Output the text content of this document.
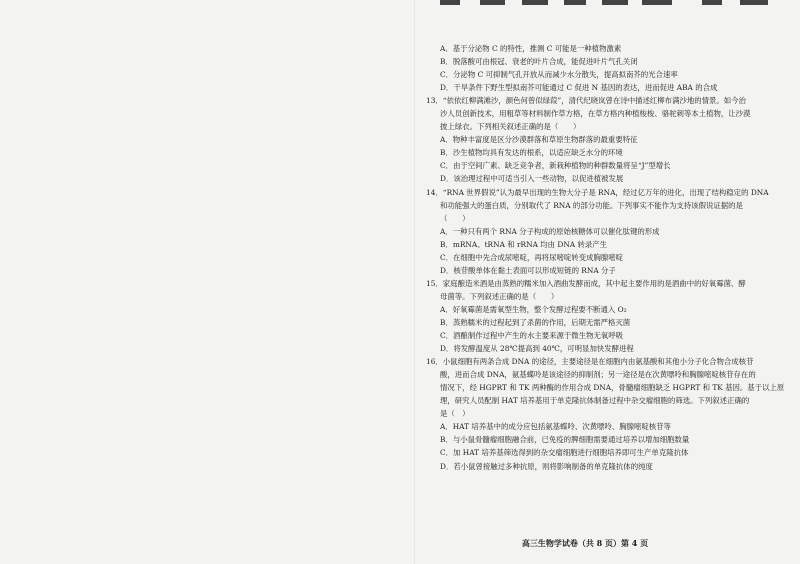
A．基于分泌物 C 的特性，推测 C 可能是一种植物激素
B．脱落酸可由根冠、衰老的叶片合成，能促进叶片气孔关闭
C．分泌物 C 可抑制气孔开放从而减少水分散失，提高拟南芥的光合速率
D．干旱条件下野生型拟南芥可能通过 C 促进 N 基因的表达，进而促进 ABA 的合成
13．“依依红柳满滩沙，颜色何曾似绿葭”，清代纪晓岚曾在诗中描述红柳布满沙地的情景。如今治
沙人员创新技术，用粗草等材料制作草方格，在草方格内种植梭梭、骆驼刺等本土植物，让沙漠
披上绿衣。下列相关叙述正确的是（　　）
A．物种丰富度是区分沙漠群落和草原生物群落的最重要特征
B．沙生植物均具有发达的根系，以适应缺乏水分的环境
C．由于空间广素、缺乏竞争者，新栽种植物的种群数量将呈“J”型增长
D．该治理过程中可适当引入一些动物，以促进植被发展
14．“RNA 世界假说”认为最早出现的生物大分子是 RNA，经过亿万年的进化，出现了结构稳定的 DNA
和功能强大的蛋白质，分别取代了 RNA 的部分功能。下列事实不能作为支持该假说证据的是
（　　）
A．一种只有两个 RNA 分子构成的原始核糖体可以催化肽键的形成
B．mRNA、tRNA 和 rRNA 均由 DNA 转录产生
C．在细胞中先合成尿嘧啶，再将尿嘧啶转变成胸腺嘧啶
D．核苷酸单体在黏土表面可以形成短链的 RNA 分子
15．家庭酿造米酒是由蒸熟的糯米加入酒曲发酵而成，其中起主要作用的是酒曲中的好氧霉菌、酵
母菌等。下列叙述正确的是（　　）
A．好氧霉菌是需氧型生物，整个发酵过程要不断通入 O₂
B．蒸熟糯米的过程起到了杀菌的作用，后期无需严格灭菌
C．酒酿制作过程中产生的水主要来源于微生物无氧呼吸
D．将发酵温度从 28℃提高到 40℃，可明显加快发酵进程
16．小鼠细胞有两条合成 DNA 的途径，主要途径是在细胞内由氨基酸和其他小分子化合物合成核苷
酸，进而合成 DNA，氨基蝶呤是该途径的抑制剂；另一途径是在次黄嘌呤和胸腺嘧啶核苷存在的
情况下，经 HGPRT 和 TK 两种酶的作用合成 DNA，骨髓瘤细胞缺乏 HGPRT 和 TK 基因。基于以上原
理，研究人员配制 HAT 培养基用于单克隆抗体制备过程中杂交瘤细胞的筛选。下列叙述正确的
是（　）
A．HAT 培养基中的成分应包括氨基蝶呤、次黄嘌呤、胸腺嘧啶核苷等
B．与小鼠骨髓瘤细胞融合前，已免疫的脾细胞需要通过培养以增加细胞数量
C．加 HAT 培养基筛选得到的杂交瘤细胞进行细胞培养即可生产单克隆抗体
D．若小鼠曾接触过多种抗原，则将影响制备的单克隆抗体的纯度
高三生物学试卷（共 8 页）第 4 页
